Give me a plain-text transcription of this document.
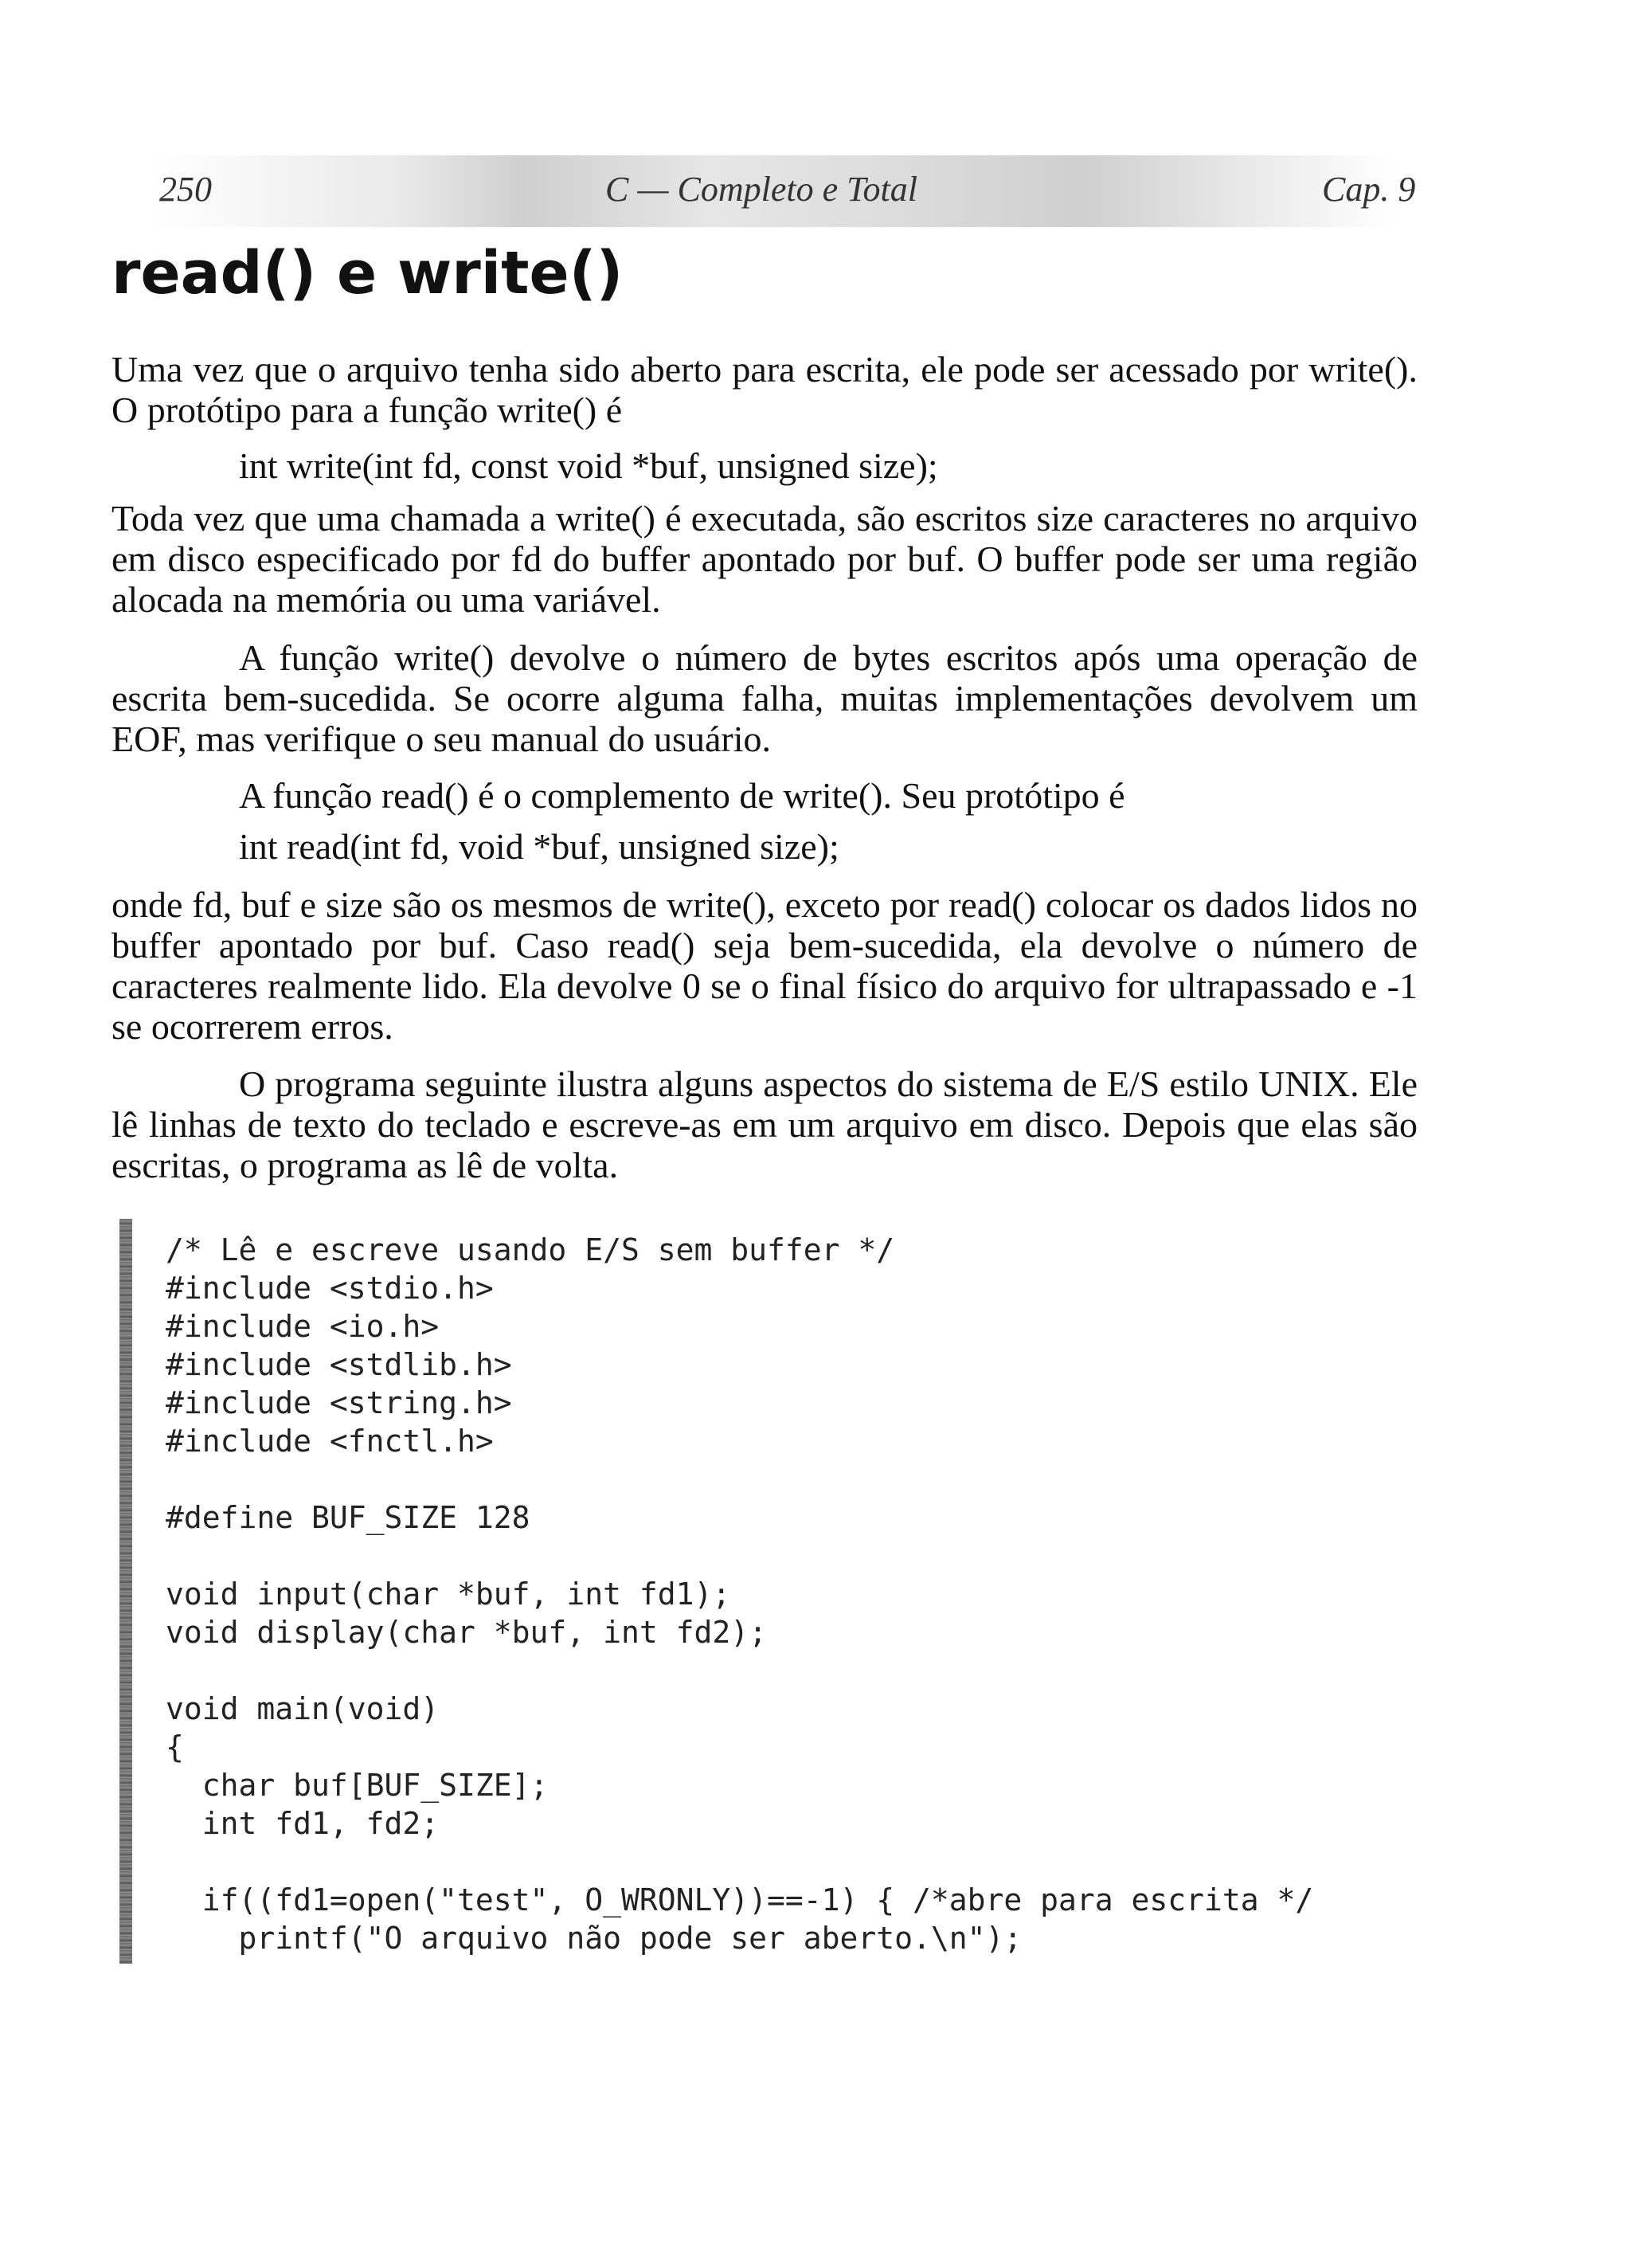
250	C — Completo e Total	Cap. 9
read() e write()
Uma vez que o arquivo tenha sido aberto para escrita, ele pode ser acessado por write(). O protótipo para a função write() é
int write(int fd, const void *buf, unsigned size);
Toda vez que uma chamada a write() é executada, são escritos size caracteres no arquivo em disco especificado por fd do buffer apontado por buf. O buffer pode ser uma região alocada na memória ou uma variável.
A função write() devolve o número de bytes escritos após uma operação de escrita bem-sucedida. Se ocorre alguma falha, muitas implementações devolvem um EOF, mas verifique o seu manual do usuário.
A função read() é o complemento de write(). Seu protótipo é
int read(int fd, void *buf, unsigned size);
onde fd, buf e size são os mesmos de write(), exceto por read() colocar os dados lidos no buffer apontado por buf. Caso read() seja bem-sucedida, ela devolve o número de caracteres realmente lido. Ela devolve 0 se o final físico do arquivo for ultrapassado e -1 se ocorrerem erros.
O programa seguinte ilustra alguns aspectos do sistema de E/S estilo UNIX. Ele lê linhas de texto do teclado e escreve-as em um arquivo em disco. Depois que elas são escritas, o programa as lê de volta.
/* Lê e escreve usando E/S sem buffer */
#include <stdio.h>
#include <io.h>
#include <stdlib.h>
#include <string.h>
#include <fnctl.h>
#define BUF_SIZE 128
void input(char *buf, int fd1);
void display(char *buf, int fd2);
void main(void)
{
char buf[BUF_SIZE];
int fd1, fd2;
if((fd1=open("test", O_WRONLY))==-1) { /*abre para escrita */
printf("O arquivo não pode ser aberto.\n");
